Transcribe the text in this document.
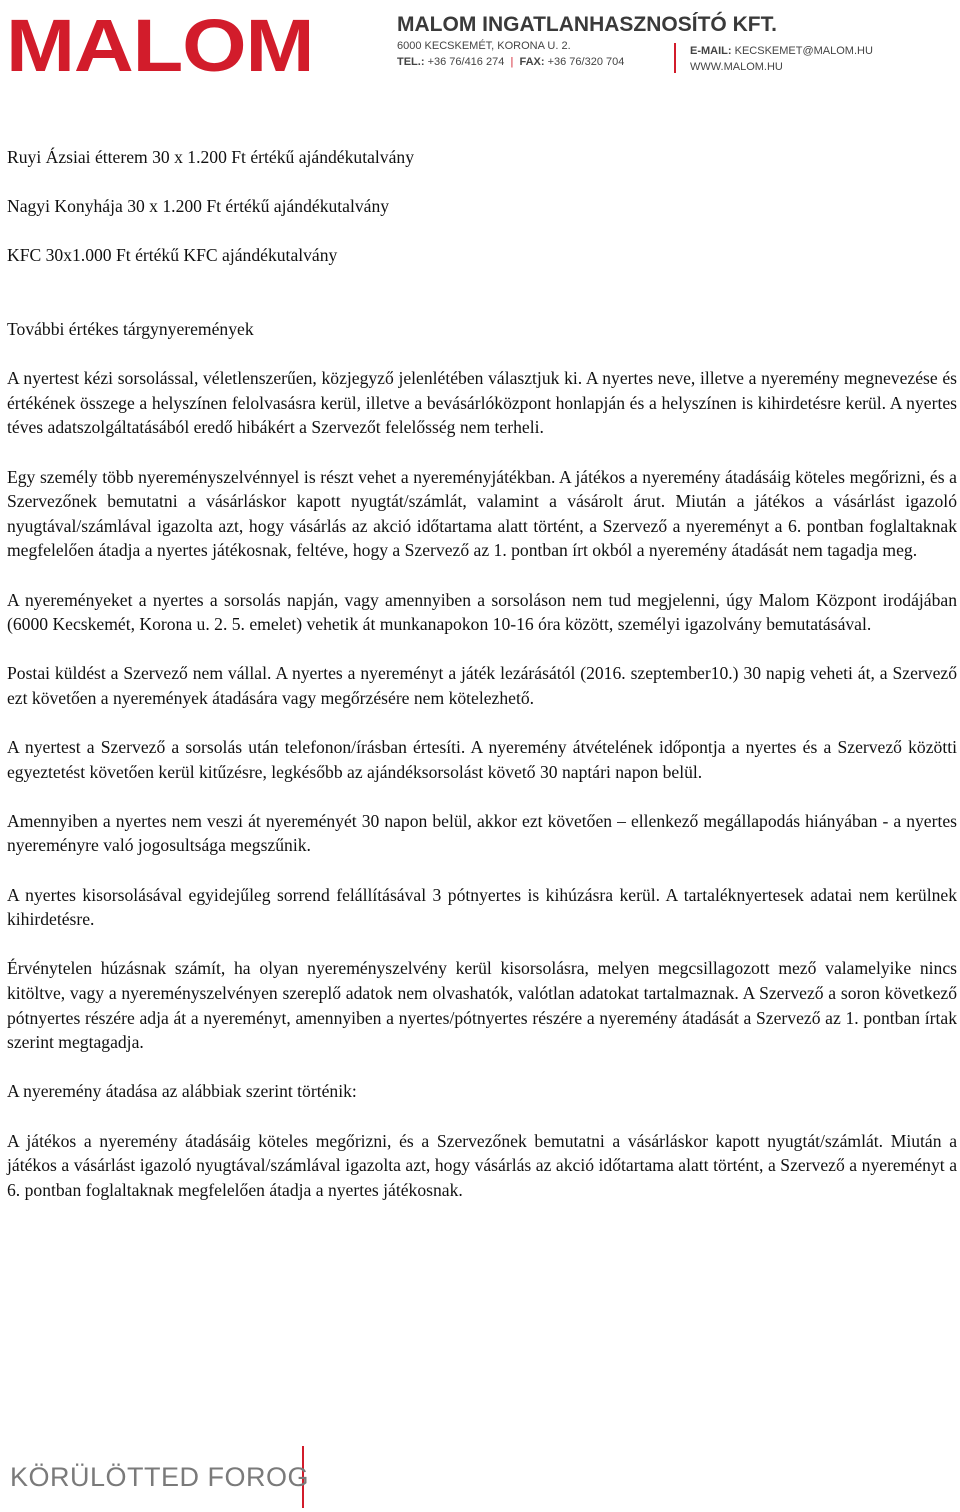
MALOM	MALOM INGATLANHASZNOSÍTÓ KFT.
6000 KECSKEMÉT, KORONA U. 2.
TEL.: +36 76/416 274  |  FAX: +36 76/320 704
E-MAIL: KECSKEMET@MALOM.HU
WWW.MALOM.HU

Ruyi Ázsiai étterem 30 x 1.200 Ft értékű ajándékutalvány

Nagyi Konyhája 30 x 1.200 Ft értékű ajándékutalvány

KFC 30x1.000 Ft értékű KFC ajándékutalvány

További értékes tárgynyeremények

A nyertest kézi sorsolással, véletlenszerűen, közjegyző jelenlétében választjuk ki. A nyertes neve, illetve a nyeremény megnevezése és értékének összege a helyszínen felolvasásra kerül, illetve a bevásárlóközpont honlapján és a helyszínen is kihirdetésre kerül. A nyertes téves adatszolgáltatásából eredő hibákért a Szervezőt felelősség nem terheli.

Egy személy több nyereményszelvénnyel is részt vehet a nyereményjátékban. A játékos a nyeremény átadásáig köteles megőrizni, és a Szervezőnek bemutatni a vásárláskor kapott nyugtát/számlát, valamint a vásárolt árut. Miután a játékos a vásárlást igazoló nyugtával/számlával igazolta azt, hogy vásárlás az akció időtartama alatt történt, a Szervező a nyereményt a 6. pontban foglaltaknak megfelelően átadja a nyertes játékosnak, feltéve, hogy a Szervező az 1. pontban írt okból a nyeremény átadását nem tagadja meg.

A nyereményeket a nyertes a sorsolás napján, vagy amennyiben a sorsoláson nem tud megjelenni, úgy Malom Központ irodájában (6000 Kecskemét, Korona u. 2. 5. emelet) vehetik át munkanapokon 10-16 óra között, személyi igazolvány bemutatásával.

Postai küldést a Szervező nem vállal. A nyertes a nyereményt a játék lezárásától (2016. szeptember10.) 30 napig veheti át, a Szervező ezt követően a nyeremények átadására vagy megőrzésére nem kötelezhető.

A nyertest a Szervező a sorsolás után telefonon/írásban értesíti. A nyeremény átvételének időpontja a nyertes és a Szervező közötti egyeztetést követően kerül kitűzésre, legkésőbb az ajándéksorsolást követő 30 naptári napon belül.

Amennyiben a nyertes nem veszi át nyereményét 30 napon belül, akkor ezt követően – ellenkező megállapodás hiányában - a nyertes nyereményre való jogosultsága megszűnik.

A nyertes kisorsolásával egyidejűleg sorrend felállításával 3 pótnyertes is kihúzásra kerül. A tartaléknyertesek adatai nem kerülnek kihirdetésre.

Érvénytelen húzásnak számít, ha olyan nyereményszelvény kerül kisorsolásra, melyen megcsillagozott mező valamelyike nincs kitöltve, vagy a nyereményszelvényen szereplő adatok nem olvashatók, valótlan adatokat tartalmaznak. A Szervező a soron következő pótnyertes részére adja át a nyereményt, amennyiben a nyertes/pótnyertes részére a nyeremény átadását a Szervező az 1. pontban írtak szerint megtagadja.

A nyeremény átadása az alábbiak szerint történik:

A játékos a nyeremény átadásáig köteles megőrizni, és a Szervezőnek bemutatni a vásárláskor kapott nyugtát/számlát. Miután a játékos a vásárlást igazoló nyugtával/számlával igazolta azt, hogy vásárlás az akció időtartama alatt történt, a Szervező a nyereményt a 6. pontban foglaltaknak megfelelően átadja a nyertes játékosnak.

KÖRÜLÖTTED FOROG
